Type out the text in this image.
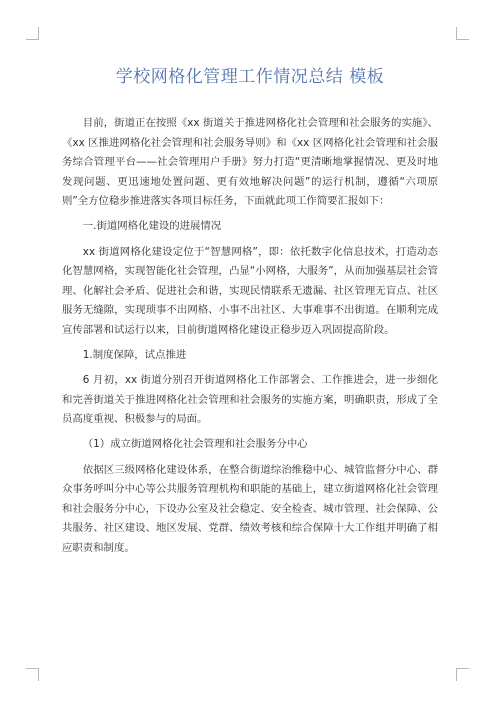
学校网格化管理工作情况总结 模板

目前，街道正在按照《xx 街道关于推进网格化社会管理和社会服务的实施》、《xx 区推进网格化社会管理和社会服务导则》和《xx 区网格化社会管理和社会服务综合管理平台——社会管理用户手册》努力打造“更清晰地掌握情况、更及时地发现问题、更迅速地处置问题、更有效地解决问题”的运行机制，遵循“六项原则”全方位稳步推进落实各项目标任务，下面就此项工作简要汇报如下：

一.街道网格化建设的进展情况

xx 街道网格化建设定位于“智慧网格”，即：依托数字化信息技术，打造动态化智慧网格，实现智能化社会管理，凸显“小网格，大服务”，从而加强基层社会管理、化解社会矛盾、促进社会和谐，实现民情联系无遗漏、社区管理无盲点、社区服务无缝隙，实现琐事不出网格、小事不出社区、大事难事不出街道。在顺利完成宣传部署和试运行以来，目前街道网格化建设正稳步迈入巩固提高阶段。

1.制度保障，试点推进

6 月初，xx 街道分别召开街道网格化工作部署会、工作推进会，进一步细化和完善街道关于推进网格化社会管理和社会服务的实施方案，明确职责，形成了全员高度重视、积极参与的局面。

（1）成立街道网格化社会管理和社会服务分中心

依据区三级网格化建设体系，在整合街道综治维稳中心、城管监督分中心、群众事务呼叫分中心等公共服务管理机构和职能的基础上，建立街道网格化社会管理和社会服务分中心，下设办公室及社会稳定、安全检查、城市管理、社会保障、公共服务、社区建设、地区发展、党群、绩效考核和综合保障十大工作组并明确了相应职责和制度。
